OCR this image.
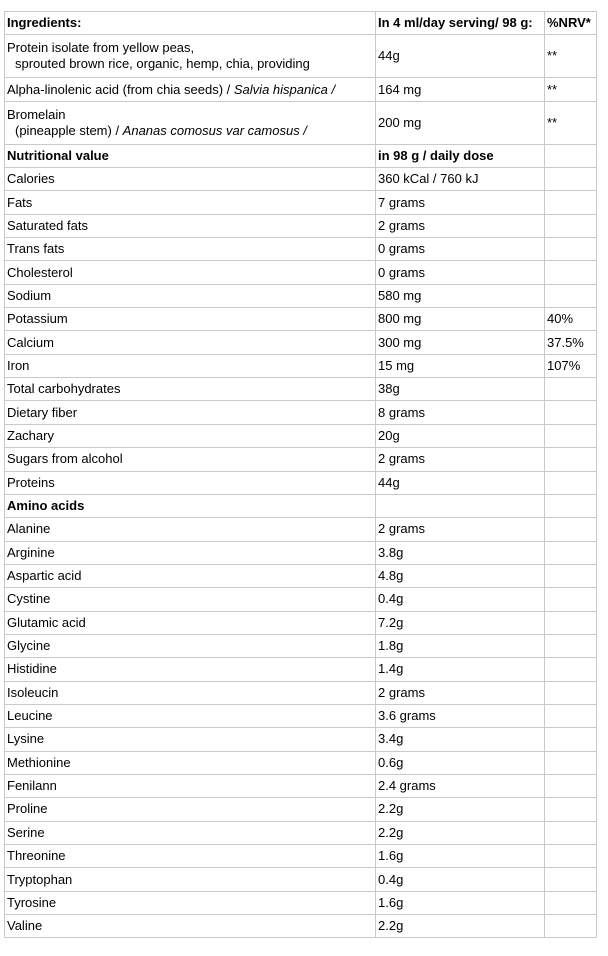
Ingredients:	In 4 ml/day serving/ 98 g:	%NRV*
Protein isolate from yellow peas,
sprouted brown rice, organic, hemp, chia, providing	44g	**
Alpha-linolenic acid (from chia seeds) / Salvia hispanica /	164 mg	**
Bromelain
(pineapple stem) / Ananas comosus var camosus /	200 mg	**
Nutritional value	in 98 g / daily dose	
Calories	360 kCal / 760 kJ	
Fats	7 grams	
Saturated fats	2 grams	
Trans fats	0 grams	
Cholesterol	0 grams	
Sodium	580 mg	
Potassium	800 mg	40%
Calcium	300 mg	37.5%
Iron	15 mg	107%
Total carbohydrates	38g	
Dietary fiber	8 grams	
Zachary	20g	
Sugars from alcohol	2 grams	
Proteins	44g	
Amino acids		
Alanine	2 grams	
Arginine	3.8g	
Aspartic acid	4.8g	
Cystine	0.4g	
Glutamic acid	7.2g	
Glycine	1.8g	
Histidine	1.4g	
Isoleucin	2 grams	
Leucine	3.6 grams	
Lysine	3.4g	
Methionine	0.6g	
Fenilann	2.4 grams	
Proline	2.2g	
Serine	2.2g	
Threonine	1.6g	
Tryptophan	0.4g	
Tyrosine	1.6g	
Valine	2.2g	
